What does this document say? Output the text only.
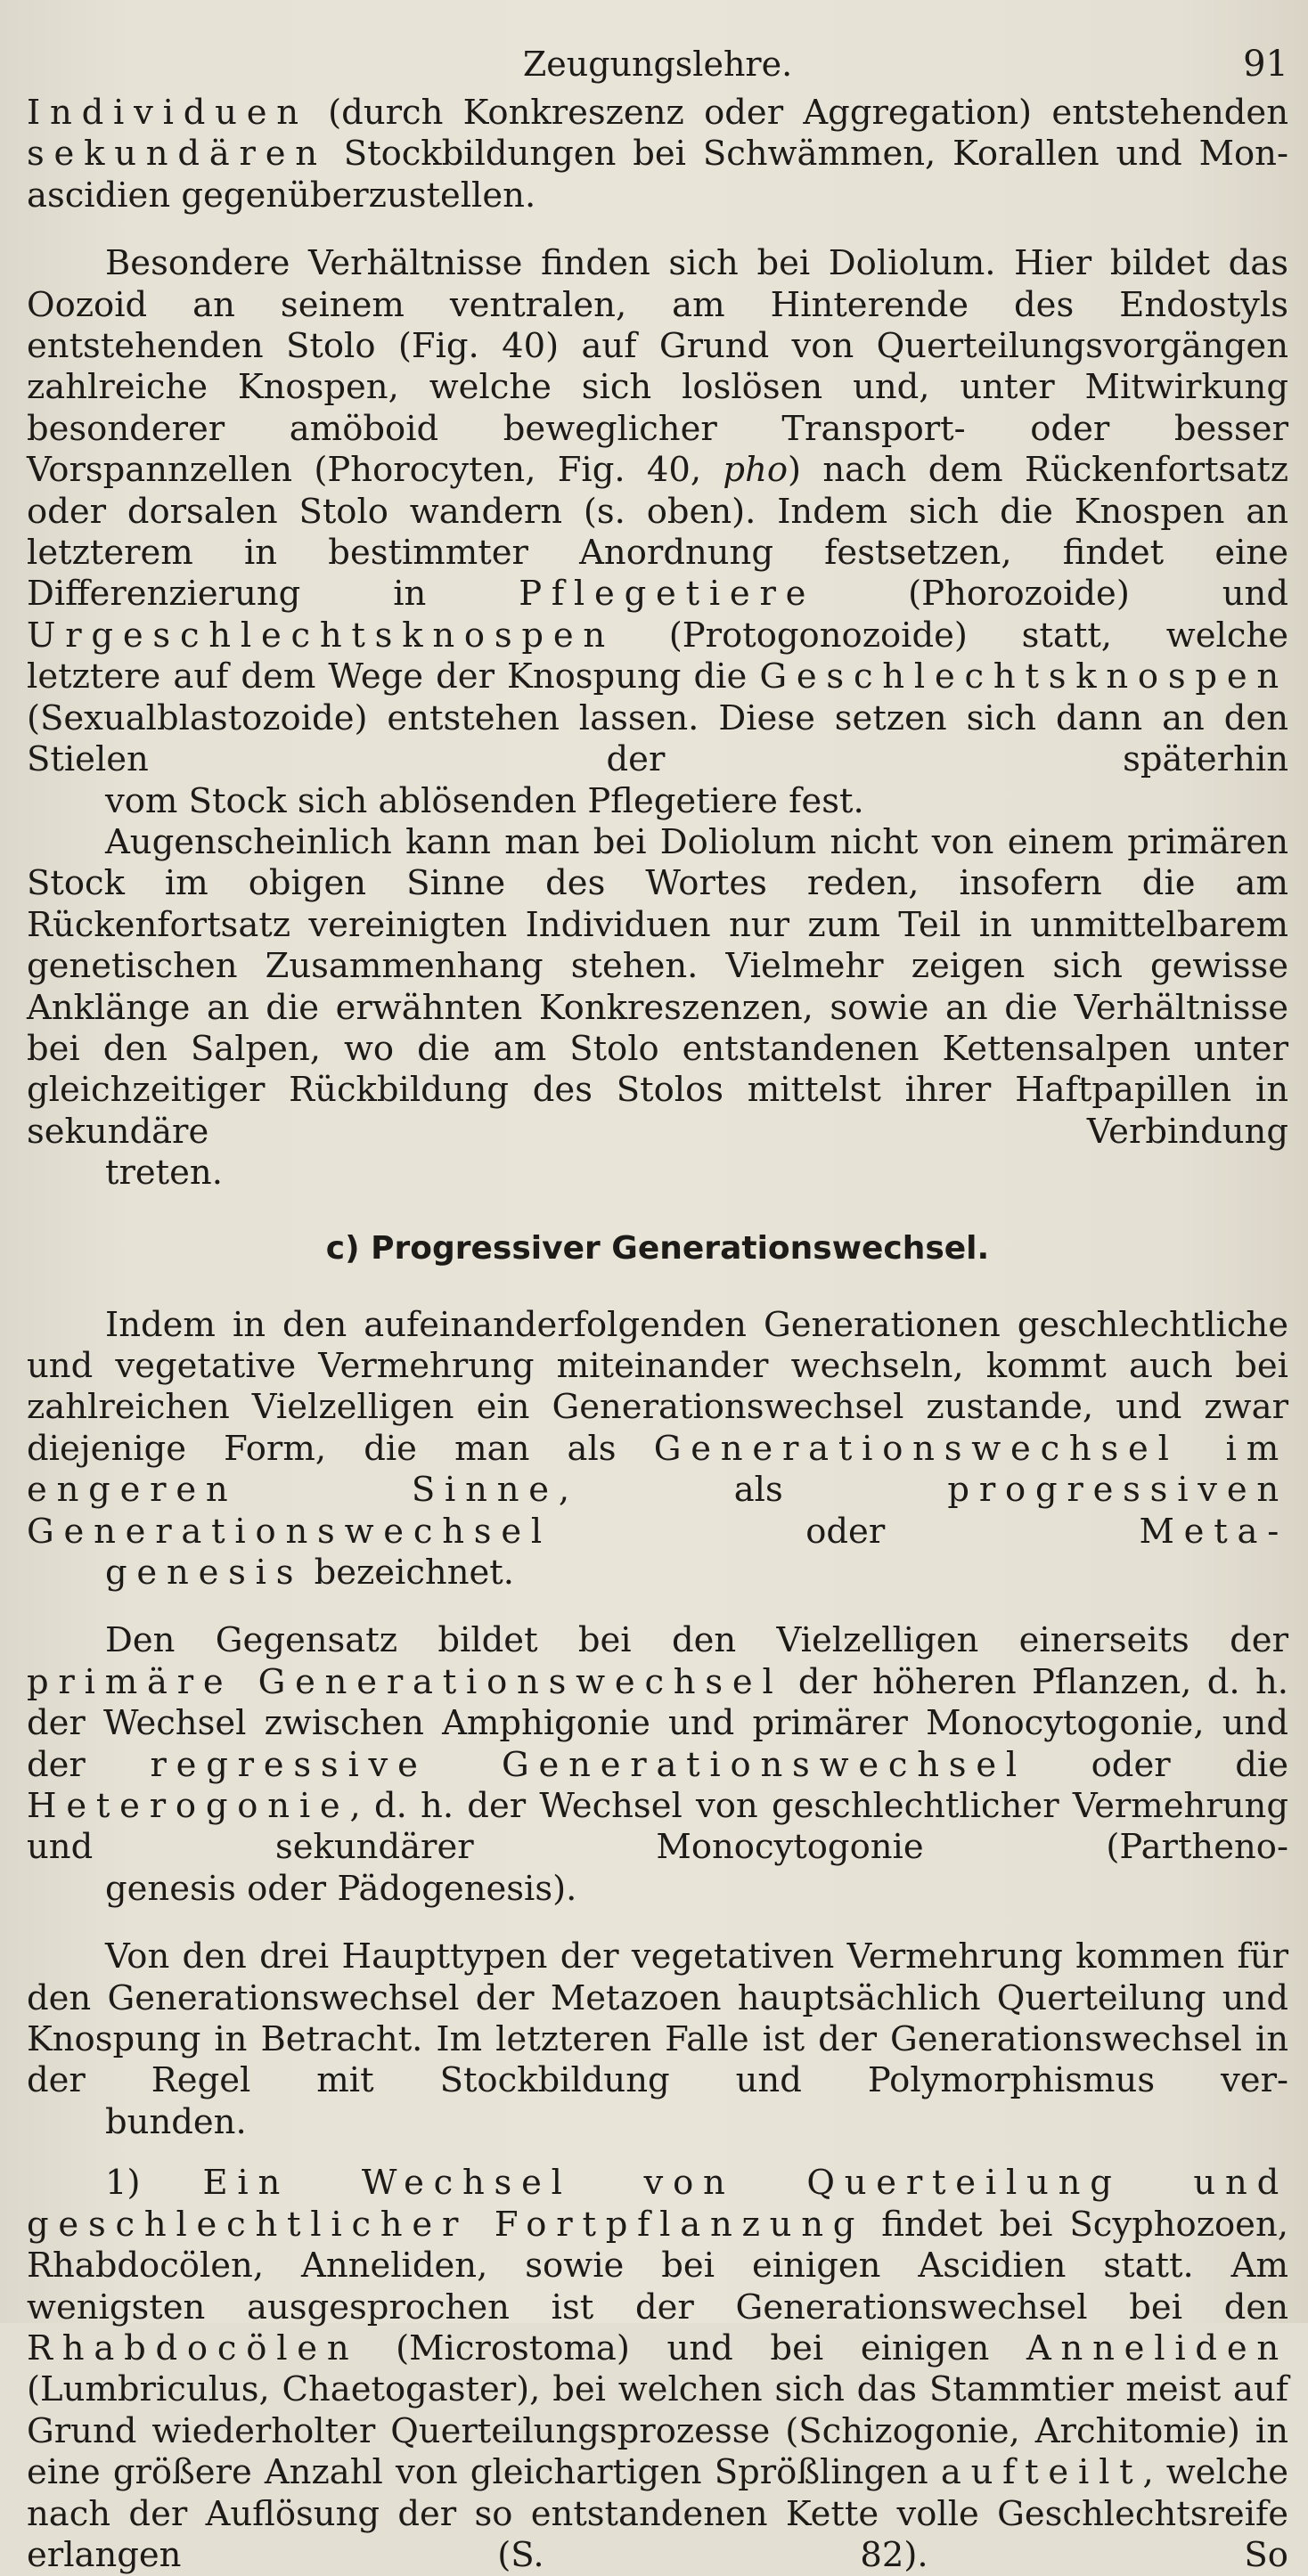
Zeugungslehre.	91

Individuen (durch Konkreszenz oder Aggregation) entstehenden sekundären Stockbildungen bei Schwämmen, Korallen und Mon-
ascidien gegenüberzustellen.

Besondere Verhältnisse finden sich bei Doliolum. Hier bildet das Oozoid an seinem ventralen, am Hinterende des Endostyls entstehenden Stolo (Fig. 40) auf Grund von Querteilungsvorgängen zahlreiche Knospen, welche sich loslösen und, unter Mitwirkung besonderer amöboid beweglicher Transport- oder besser Vorspannzellen (Phorocyten, Fig. 40, pho) nach dem Rückenfortsatz oder dorsalen Stolo wandern (s. oben). Indem sich die Knospen an letzterem in bestimmter Anordnung festsetzen, findet eine Differenzierung in	Pflegetiere	(Phorozoide) und Urgeschlechtsknospen (Protogonozoide) statt, welche letztere auf dem Wege der Knospung die Geschlechtsknospen (Sexualblastozoide) entstehen lassen. Diese setzen sich dann an den Stielen der späterhin
vom Stock sich ablösenden Pflegetiere fest.

Augenscheinlich kann man bei Doliolum nicht von einem primären Stock im obigen Sinne des Wortes reden, insofern die am Rückenfortsatz vereinigten Individuen nur zum Teil in unmittelbarem genetischen Zusammenhang stehen. Vielmehr zeigen sich gewisse Anklänge an die erwähnten Konkreszenzen, sowie an die Verhältnisse bei den Salpen, wo die am Stolo entstandenen Kettensalpen unter gleichzeitiger Rückbildung des Stolos mittelst ihrer Haftpapillen in sekundäre Verbindung
treten.

c) Progressiver Generationswechsel.

Indem in den aufeinanderfolgenden Generationen geschlechtliche und vegetative Vermehrung miteinander wechseln, kommt auch bei zahlreichen Vielzelligen ein Generationswechsel zustande, und zwar diejenige Form, die man als Generationswechsel im engeren Sinne, als	progressiven Generationswechsel	oder	Meta-
genesis bezeichnet.

Den Gegensatz bildet bei den Vielzelligen einerseits der primäre Generationswechsel der höheren Pflanzen, d. h. der Wechsel zwischen Amphigonie und primärer Monocytogonie, und der regressive Generationswechsel oder die Heterogonie, d. h. der Wechsel von geschlechtlicher Vermehrung und sekundärer Monocytogonie (Partheno-
genesis oder Pädogenesis).

Von den drei Haupttypen der vegetativen Vermehrung kommen für den Generationswechsel der Metazoen hauptsächlich Querteilung und Knospung in Betracht. Im letzteren Falle ist der Generationswechsel in der Regel mit Stockbildung und Polymorphismus ver-
bunden.

1) Ein Wechsel von Querteilung und geschlechtlicher Fortpflanzung findet bei Scyphozoen, Rhabdocölen, Anneliden, sowie bei einigen Ascidien statt. Am wenigsten ausgesprochen ist der Generationswechsel bei den Rhabdocölen (Microstoma) und bei einigen Anneliden (Lumbriculus, Chaetogaster), bei welchen sich das Stammtier meist auf Grund wiederholter Querteilungsprozesse (Schizogonie, Architomie) in eine größere Anzahl von gleichartigen Sprößlingen aufteilt, welche nach der Auflösung der so entstandenen Kette volle Geschlechtsreife erlangen (S. 82). So
